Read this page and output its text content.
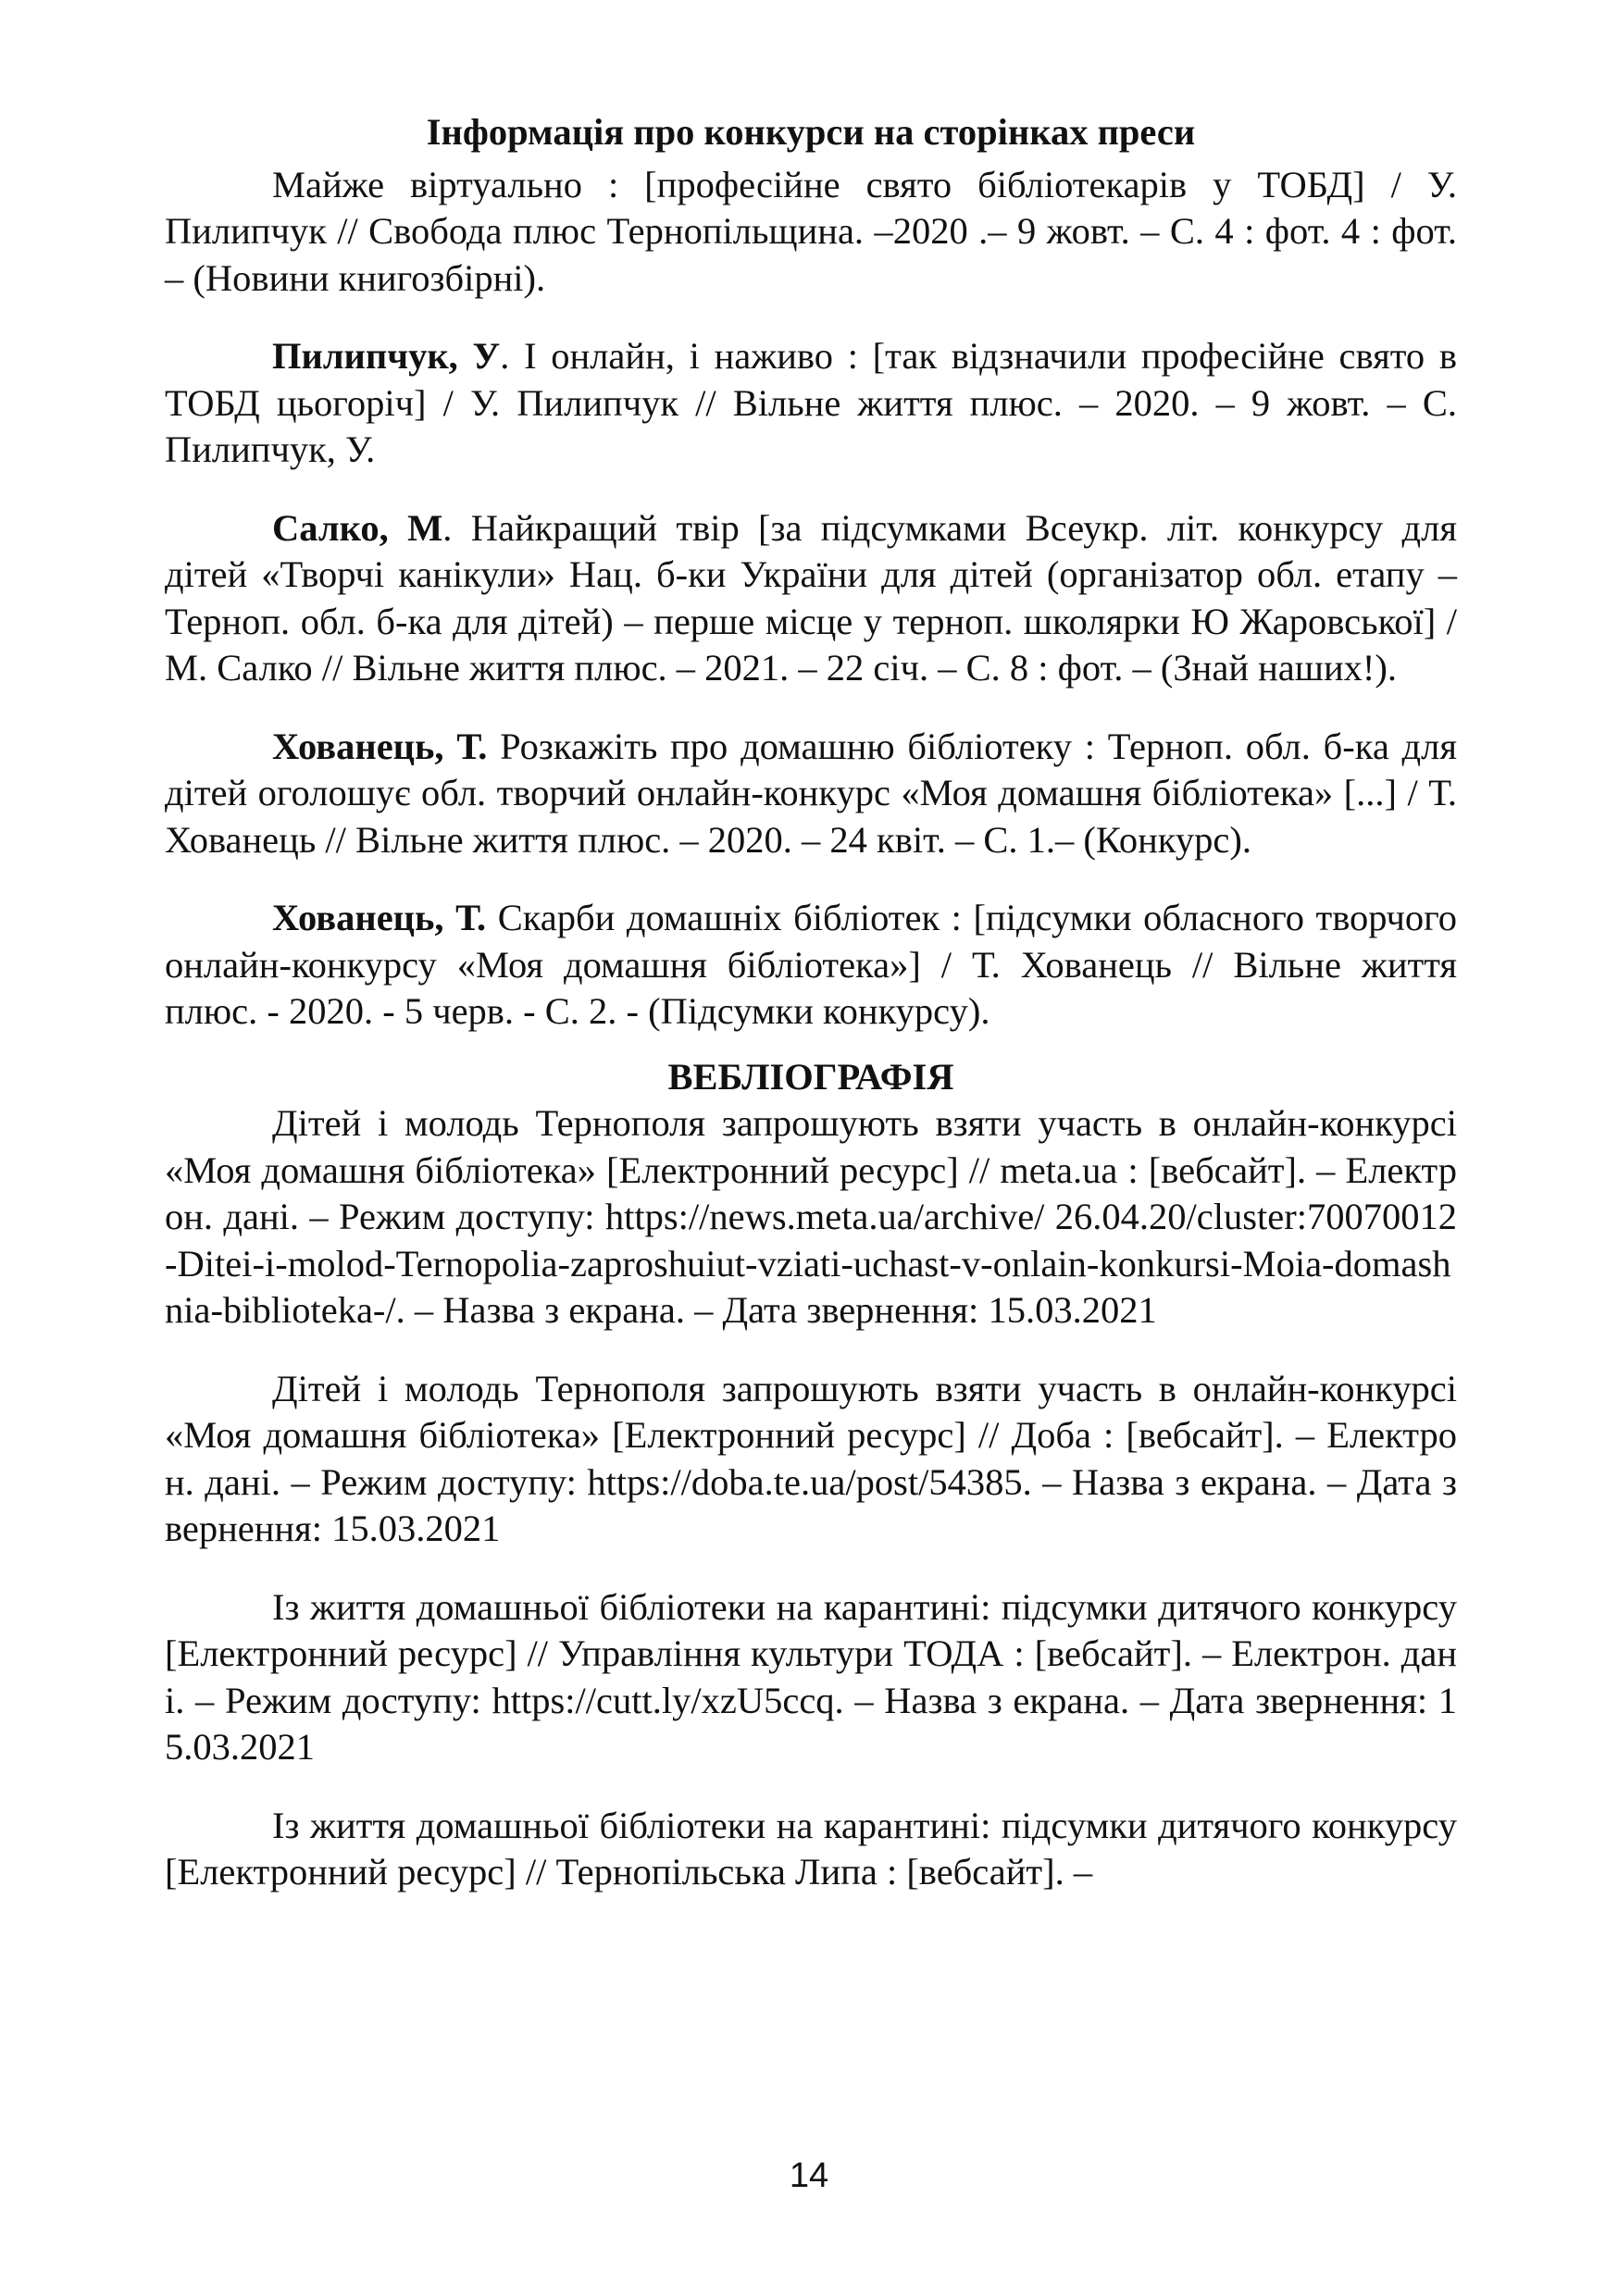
Інформація про конкурси на сторінках преси

Майже віртуально : [професійне свято бібліотекарів у ТОБД] / У. Пилипчук // Свобода плюс Тернопільщина. –2020 .– 9 жовт. – С. 4 : фот. 4 : фот. – (Новини книгозбірні).

Пилипчук, У. І онлайн, і наживо : [так відзначили професійне свято в ТОБД цьогоріч] / У. Пилипчук // Вільне життя плюс. – 2020. – 9 жовт. – С. Пилипчук, У.

Салко, М. Найкращий твір [за підсумками Всеукр. літ. конкурсу для дітей «Творчі канікули» Нац. б-ки України для дітей (організатор обл. етапу – Терноп. обл. б-ка для дітей) – перше місце у терноп. школярки Ю Жаровської] / М. Салко // Вільне життя плюс. – 2021. – 22 січ. – С. 8 : фот. – (Знай наших!).

Хованець, Т. Розкажіть про домашню бібліотеку : Терноп. обл. б-ка для дітей оголошує обл. творчий онлайн-конкурс «Моя домашня бібліотека» [...] / Т. Хованець // Вільне життя плюс. – 2020. – 24 квіт. – С. 1.– (Конкурс).

Хованець, Т. Скарби домашніх бібліотек : [підсумки обласного творчого онлайн-конкурсу «Моя домашня бібліотека»] / Т. Хованець // Вільне життя плюс. - 2020. - 5 черв. - С. 2. - (Підсумки конкурсу).

ВЕБЛІОГРАФІЯ

Дітей і молодь Тернополя запрошують взяти участь в онлайн-конкурсі «Моя домашня бібліотека» [Електронний ресурс] // meta.ua : [вебсайт]. – Електрон. дані. – Режим доступу: https://news.meta.ua/archive/ 26.04.20/cluster:70070012-Ditei-i-molod-Ternopolia-zaproshuiut-vziati-uchast-v-onlain-konkursi-Moia-domashnia-biblioteka-/. – Назва з екрана. – Дата звернення: 15.03.2021

Дітей і молодь Тернополя запрошують взяти участь в онлайн-конкурсі «Моя домашня бібліотека» [Електронний ресурс] // Доба : [вебсайт]. – Електрон. дані. – Режим доступу: https://doba.te.ua/post/54385. – Назва з екрана. – Дата звернення: 15.03.2021

Із життя домашньої бібліотеки на карантині: підсумки дитячого конкурсу [Електронний ресурс] // Управління культури ТОДА : [вебсайт]. – Електрон. дані. – Режим доступу: https://cutt.ly/xzU5ccq. – Назва з екрана. – Дата звернення: 15.03.2021

Із життя домашньої бібліотеки на карантині: підсумки дитячого конкурсу [Електронний ресурс] // Тернопільська Липа : [вебсайт]. –

14
